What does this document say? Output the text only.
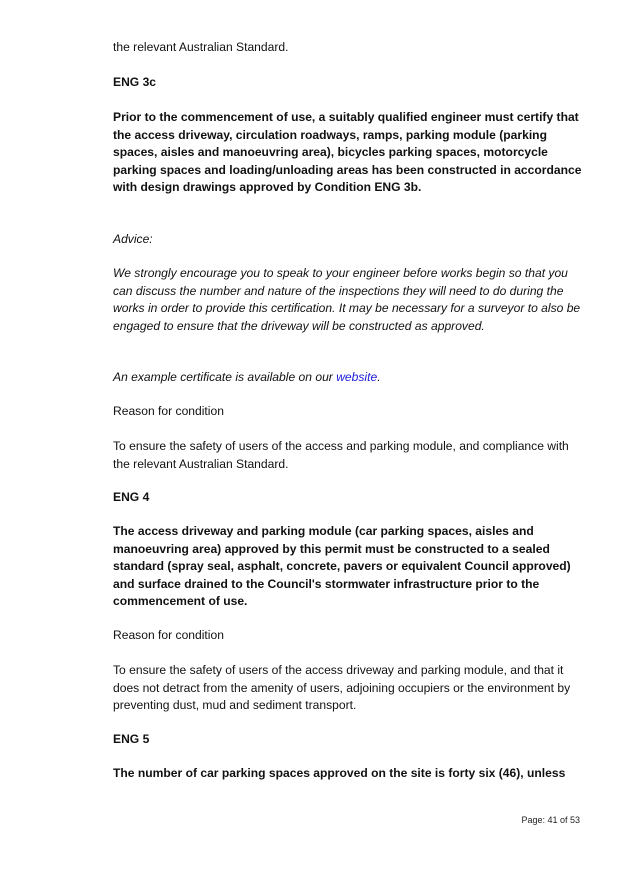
the relevant Australian Standard.

ENG 3c

Prior to the commencement of use, a suitably qualified engineer must certify that the access driveway, circulation roadways, ramps, parking module (parking spaces, aisles and manoeuvring area), bicycles parking spaces, motorcycle parking spaces and loading/unloading areas has been constructed in accordance with design drawings approved by Condition ENG 3b.

Advice:

We strongly encourage you to speak to your engineer before works begin so that you can discuss the number and nature of the inspections they will need to do during the works in order to provide this certification. It may be necessary for a surveyor to also be engaged to ensure that the driveway will be constructed as approved.

An example certificate is available on our website.

Reason for condition

To ensure the safety of users of the access and parking module, and compliance with the relevant Australian Standard.

ENG 4

The access driveway and parking module (car parking spaces, aisles and manoeuvring area) approved by this permit must be constructed to a sealed standard (spray seal, asphalt, concrete, pavers or equivalent Council approved) and surface drained to the Council's stormwater infrastructure prior to the commencement of use.

Reason for condition

To ensure the safety of users of the access driveway and parking module, and that it does not detract from the amenity of users, adjoining occupiers or the environment by preventing dust, mud and sediment transport.

ENG 5

The number of car parking spaces approved on the site is forty six (46), unless

Page: 41 of 53
